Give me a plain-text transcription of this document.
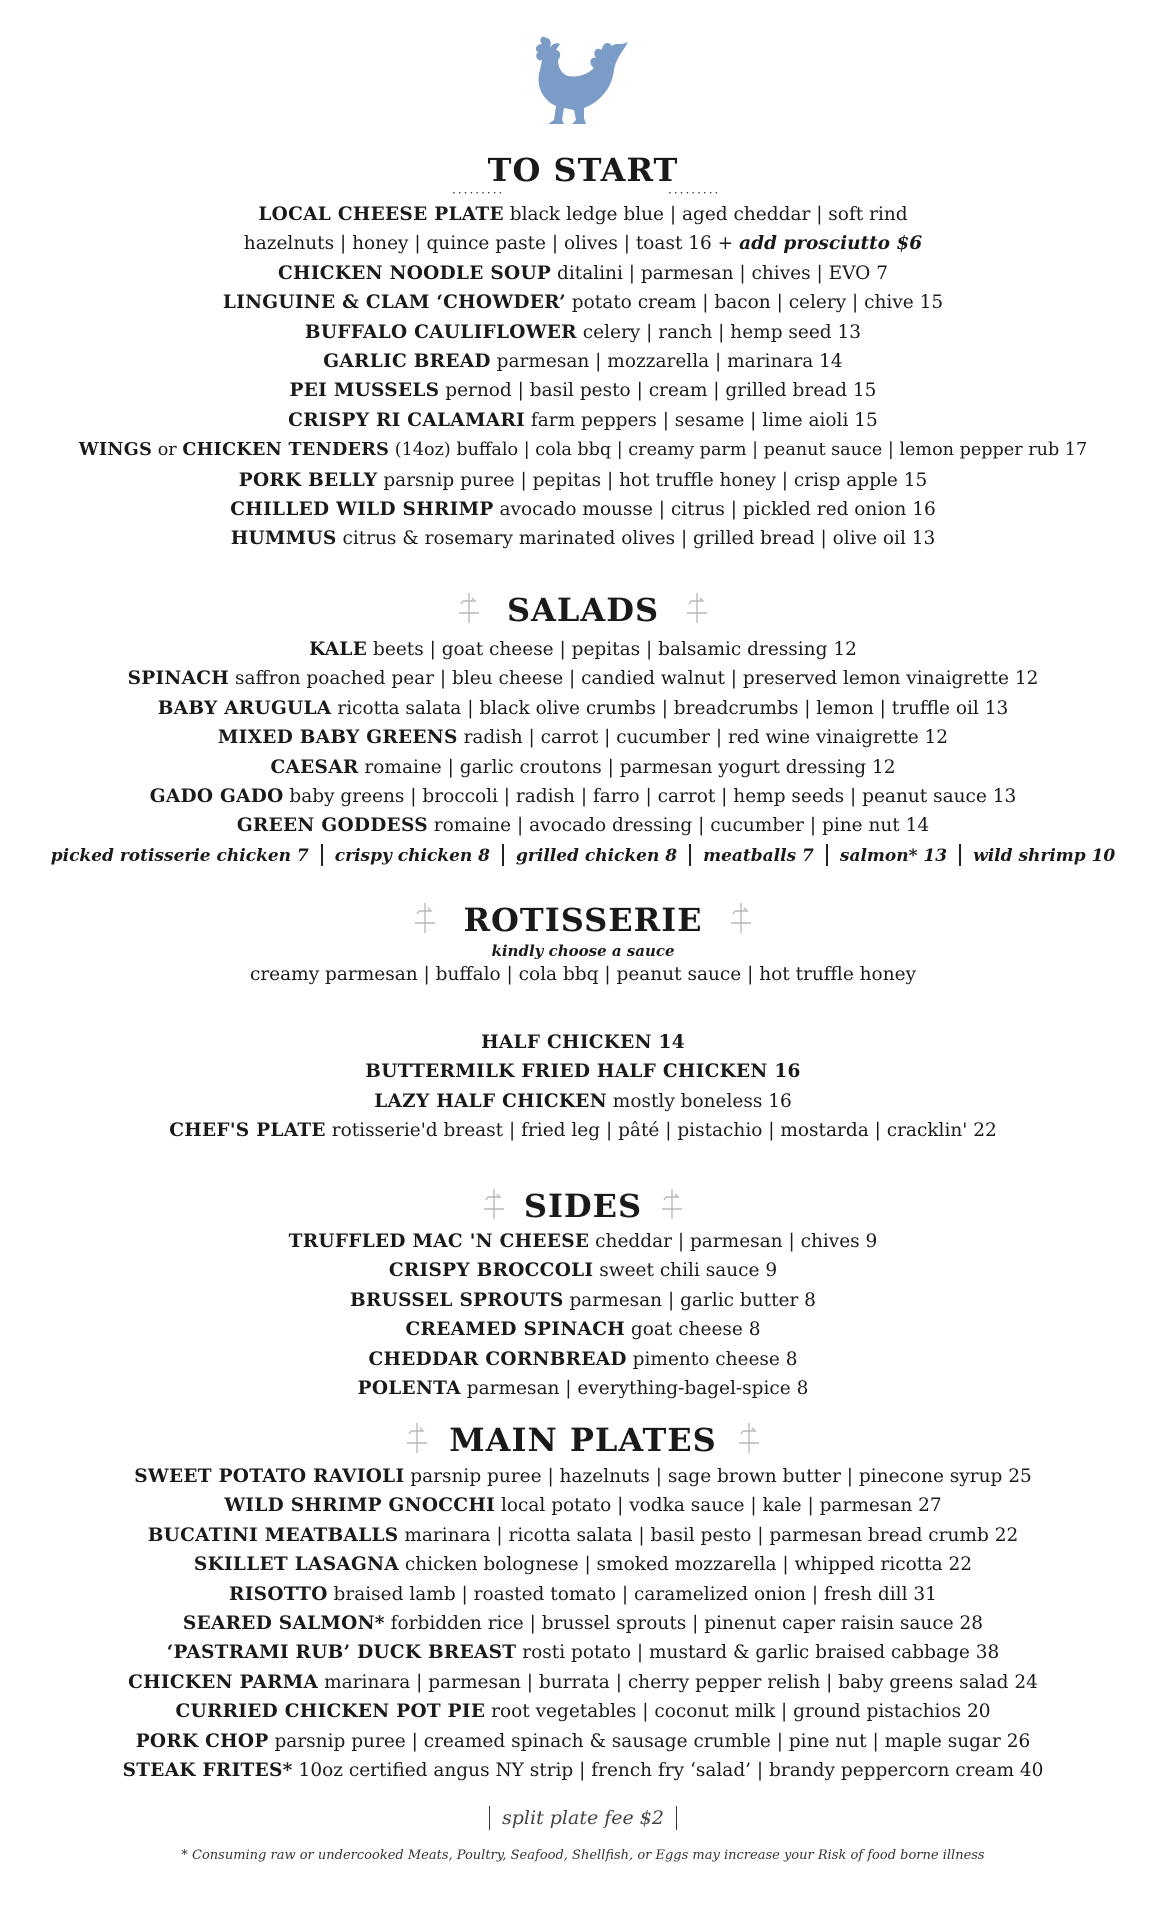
TO START
·········	·········
LOCAL CHEESE PLATE black ledge blue | aged cheddar | soft rind
hazelnuts | honey | quince paste | olives | toast 16 + add prosciutto $6
CHICKEN NOODLE SOUP ditalini | parmesan | chives | EVO 7
LINGUINE & CLAM ‘CHOWDER’ potato cream | bacon | celery | chive 15
BUFFALO CAULIFLOWER celery | ranch | hemp seed 13
GARLIC BREAD parmesan | mozzarella | marinara 14
PEI MUSSELS pernod | basil pesto | cream | grilled bread 15
CRISPY RI CALAMARI farm peppers | sesame | lime aioli 15
WINGS or CHICKEN TENDERS (14oz) buffalo | cola bbq | creamy parm | peanut sauce | lemon pepper rub 17
PORK BELLY parsnip puree | pepitas | hot truffle honey | crisp apple 15
CHILLED WILD SHRIMP avocado mousse | citrus | pickled red onion 16
HUMMUS citrus & rosemary marinated olives | grilled bread | olive oil 13
SALADS
KALE beets | goat cheese | pepitas | balsamic dressing 12
SPINACH saffron poached pear | bleu cheese | candied walnut | preserved lemon vinaigrette 12
BABY ARUGULA ricotta salata | black olive crumbs | breadcrumbs | lemon | truffle oil 13
MIXED BABY GREENS radish | carrot | cucumber | red wine vinaigrette 12
CAESAR romaine | garlic croutons | parmesan yogurt dressing 12
GADO GADO baby greens | broccoli | radish | farro | carrot | hemp seeds | peanut sauce 13
GREEN GODDESS romaine | avocado dressing | cucumber | pine nut 14
picked rotisserie chicken 7 crispy chicken 8 grilled chicken 8 meatballs 7 salmon* 13 wild shrimp 10
ROTISSERIE
kindly choose a sauce
creamy parmesan | buffalo | cola bbq | peanut sauce | hot truffle honey
HALF CHICKEN 14
BUTTERMILK FRIED HALF CHICKEN 16
LAZY HALF CHICKEN mostly boneless 16
CHEF'S PLATE rotisserie'd breast | fried leg | pâté | pistachio | mostarda | cracklin' 22
SIDES
TRUFFLED MAC 'N CHEESE cheddar | parmesan | chives 9
CRISPY BROCCOLI sweet chili sauce 9
BRUSSEL SPROUTS parmesan | garlic butter 8
CREAMED SPINACH goat cheese 8
CHEDDAR CORNBREAD pimento cheese 8
POLENTA parmesan | everything-bagel-spice 8
MAIN PLATES
SWEET POTATO RAVIOLI parsnip puree | hazelnuts | sage brown butter | pinecone syrup 25
WILD SHRIMP GNOCCHI local potato | vodka sauce | kale | parmesan 27
BUCATINI MEATBALLS marinara | ricotta salata | basil pesto | parmesan bread crumb 22
SKILLET LASAGNA chicken bolognese | smoked mozzarella | whipped ricotta 22
RISOTTO braised lamb | roasted tomato | caramelized onion | fresh dill 31
SEARED SALMON* forbidden rice | brussel sprouts | pinenut caper raisin sauce 28
‘PASTRAMI RUB’ DUCK BREAST rosti potato | mustard & garlic braised cabbage 38
CHICKEN PARMA marinara | parmesan | burrata | cherry pepper relish | baby greens salad 24
CURRIED CHICKEN POT PIE root vegetables | coconut milk | ground pistachios 20
PORK CHOP parsnip puree | creamed spinach & sausage crumble | pine nut | maple sugar 26
STEAK FRITES* 10oz certified angus NY strip | french fry ‘salad’ | brandy peppercorn cream 40
split plate fee $2
* Consuming raw or undercooked Meats, Poultry, Seafood, Shellfish, or Eggs may increase your Risk of food borne illness
